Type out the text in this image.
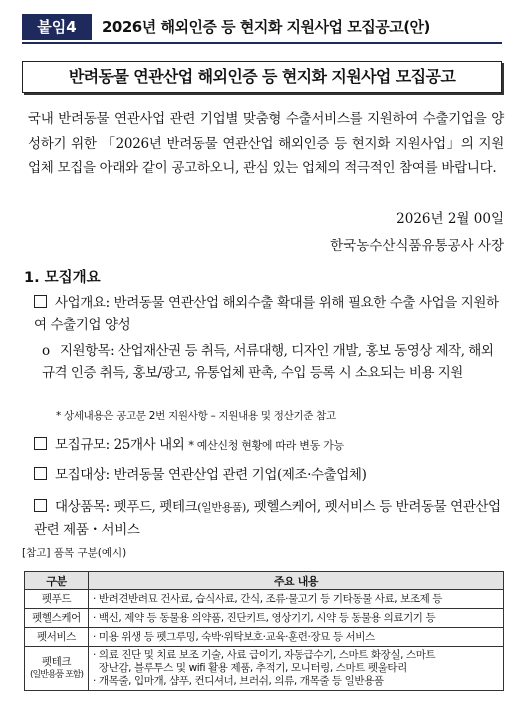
붙임4	2026년 해외인증 등 현지화 지원사업 모집공고(안)
반려동물 연관산업 해외인증 등 현지화 지원사업 모집공고
국내 반려동물 연관사업 관련 기업별 맞춤형 수출서비스를 지원하여 수출기업을 양성하기 위한 「2026년 반려동물 연관산업 해외인증 등 현지화 지원사업」의 지원업체 모집을 아래와 같이 공고하오니, 관심 있는 업체의 적극적인 참여를 바랍니다.
2026년 2월 00일
한국농수산식품유통공사 사장
1. 모집개요
사업개요: 반려동물 연관산업 해외수출 확대를 위해 필요한 수출 사업을 지원하여 수출기업 양성
o 지원항목: 산업재산권 등 취득, 서류대행, 디자인 개발, 홍보 동영상 제작, 해외규격 인증 취득, 홍보/광고, 유통업체 판촉, 수입 등록 시 소요되는 비용 지원
* 상세내용은 공고문 2번 지원사항 – 지원내용 및 정산기준 참고
모집규모: 25개사 내외 * 예산신청 현황에 따라 변동 가능
모집대상: 반려동물 연관산업 관련 기업(제조·수출업체)
대상품목: 펫푸드, 펫테크(일반용품), 펫헬스케어, 펫서비스 등 반려동물 연관산업 관련 제품・서비스
[참고] 품목 구분(예시)
구분	주요 내용

펫푸드	· 반려견반려묘 건사료, 습식사료, 간식, 조류·물고기 등 기타동물 사료, 보조제 등

펫헬스케어	· 백신, 제약 등 동물용 의약품, 진단키트, 영상기기, 시약 등 동물용 의료기기 등

펫서비스	· 미용 위생 등 펫그루밍, 숙박·위탁보호·교육·훈련·장묘 등 서비스

펫테크
(일반용품 포함)	· 의료 진단 및 치료 보조 기술, 사료 급이기, 자동급수기, 스마트 화장실, 스마트
장난감, 블루투스 및 wifi 활용 제품, 추적기, 모니터링, 스마트 펫울타리
· 개목줄, 입마개, 샴푸, 컨디셔너, 브러쉬, 의류, 개목줄 등 일반용품
